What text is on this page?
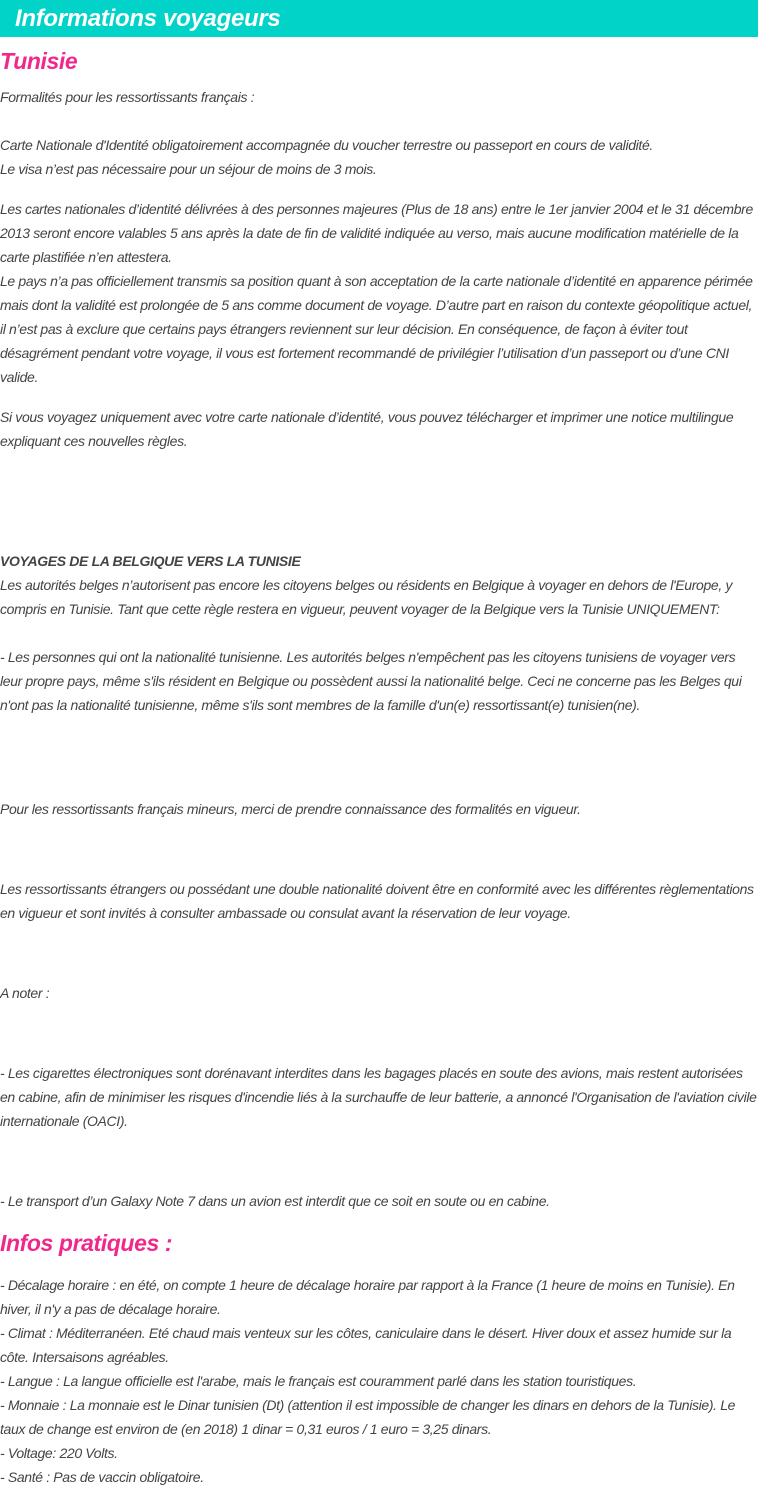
Informations voyageurs
Tunisie

Formalités pour les ressortissants français :

Carte Nationale d'Identité obligatoirement accompagnée du voucher terrestre ou passeport en cours de validité.

Le visa n’est pas nécessaire pour un séjour de moins de 3 mois.

Les cartes nationales d’identité délivrées à des personnes majeures (Plus de 18 ans) entre le 1er janvier 2004 et le 31 décembre 2013 seront encore valables 5 ans après la date de fin de validité indiquée au verso, mais aucune modification matérielle de la carte plastifiée n’en attestera.

Le pays n’a pas officiellement transmis sa position quant à son acceptation de la carte nationale d’identité en apparence périmée mais dont la validité est prolongée de 5 ans comme document de voyage. D’autre part en raison du contexte géopolitique actuel, il n’est pas à exclure que certains pays étrangers reviennent sur leur décision. En conséquence, de façon à éviter tout désagrément pendant votre voyage, il vous est fortement recommandé de privilégier l’utilisation d’un passeport ou d’une CNI valide.

Si vous voyagez uniquement avec votre carte nationale d’identité, vous pouvez télécharger et imprimer une notice multilingue expliquant ces nouvelles règles.

VOYAGES DE LA BELGIQUE VERS LA TUNISIE

Les autorités belges n’autorisent pas encore les citoyens belges ou résidents en Belgique à voyager en dehors de l'Europe, y compris en Tunisie. Tant que cette règle restera en vigueur, peuvent voyager de la Belgique vers la Tunisie UNIQUEMENT:

- Les personnes qui ont la nationalité tunisienne. Les autorités belges n'empêchent pas les citoyens tunisiens de voyager vers leur propre pays, même s'ils résident en Belgique ou possèdent aussi la nationalité belge. Ceci ne concerne pas les Belges qui n'ont pas la nationalité tunisienne, même s'ils sont membres de la famille d'un(e) ressortissant(e) tunisien(ne).

Pour les ressortissants français mineurs, merci de prendre connaissance des formalités en vigueur.

Les ressortissants étrangers ou possédant une double nationalité doivent être en conformité avec les différentes règlementations en vigueur et sont invités à consulter ambassade ou consulat avant la réservation de leur voyage.

A noter :

- Les cigarettes électroniques sont dorénavant interdites dans les bagages placés en soute des avions, mais restent autorisées en cabine, afin de minimiser les risques d'incendie liés à la surchauffe de leur batterie, a annoncé l'Organisation de l'aviation civile internationale (OACI).

- Le transport d’un Galaxy Note 7 dans un avion est interdit que ce soit en soute ou en cabine.

Infos pratiques :

- Décalage horaire : en été, on compte 1 heure de décalage horaire par rapport à la France (1 heure de moins en Tunisie). En hiver, il n'y a pas de décalage horaire.

- Climat : Méditerranéen. Eté chaud mais venteux sur les côtes, caniculaire dans le désert. Hiver doux et assez humide sur la côte. Intersaisons agréables.

- Langue : La langue officielle est l'arabe, mais le français est couramment parlé dans les station touristiques.

- Monnaie : La monnaie est le Dinar tunisien (Dt) (attention il est impossible de changer les dinars en dehors de la Tunisie). Le taux de change est environ de (en 2018) 1 dinar = 0,31 euros / 1 euro = 3,25 dinars.

- Voltage: 220 Volts.

- Santé : Pas de vaccin obligatoire.
